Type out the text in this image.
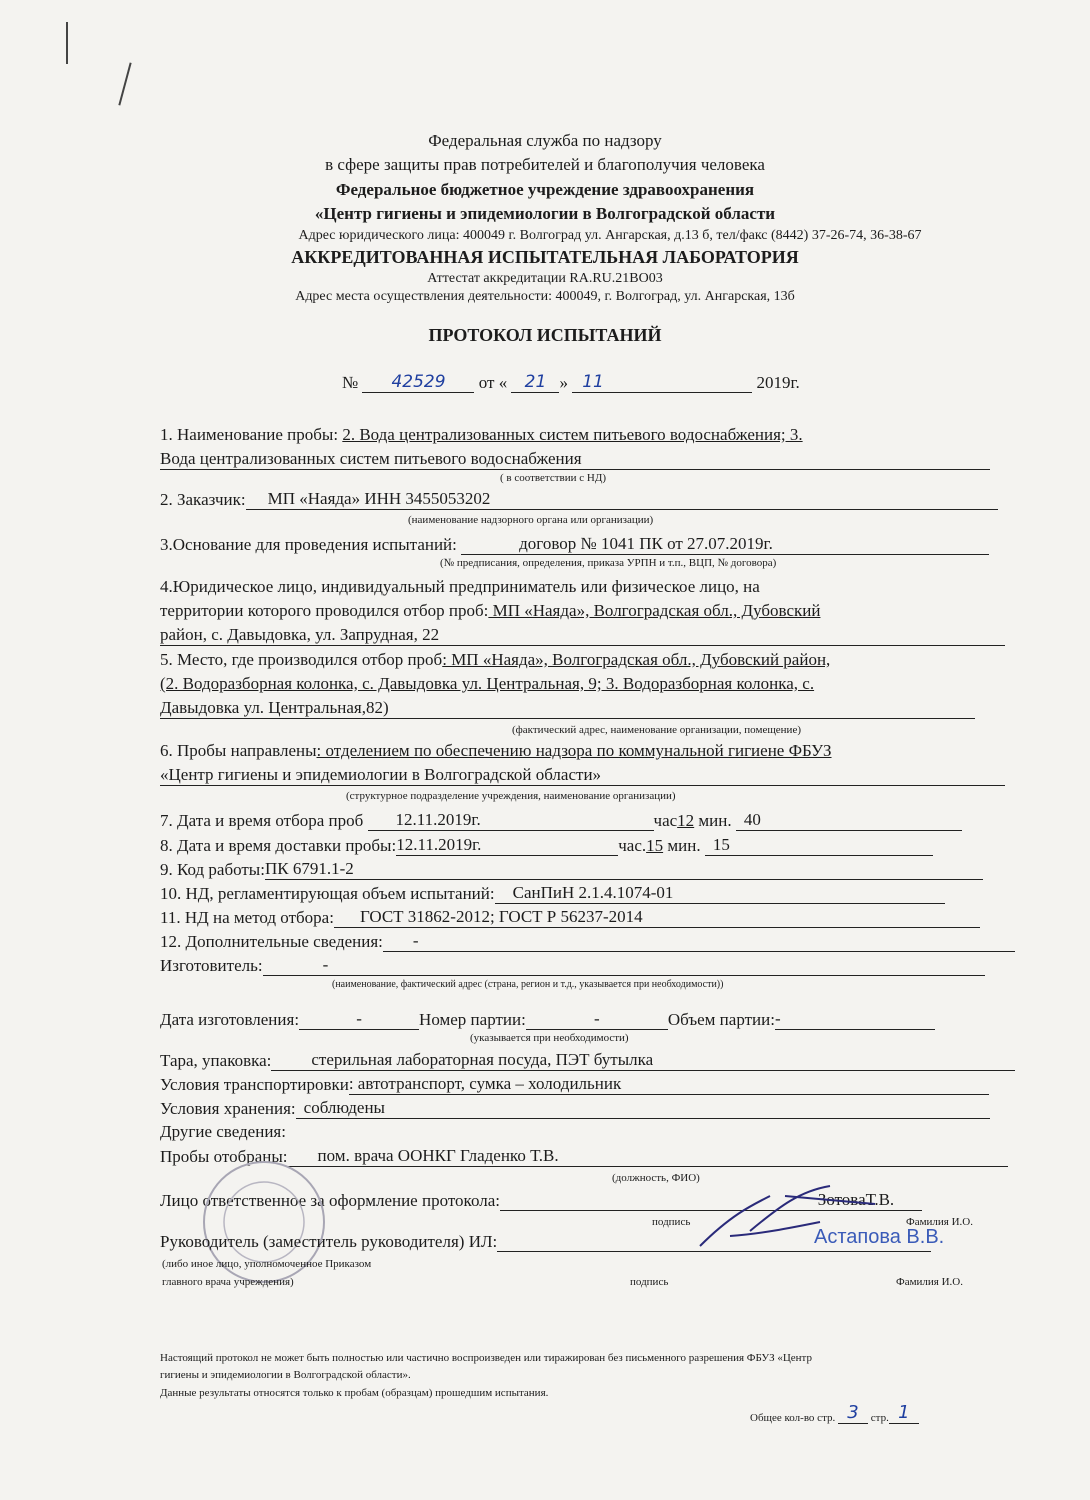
Федеральная служба по надзору
в сфере защиты прав потребителей и благополучия человека
Федеральное бюджетное учреждение здравоохранения
«Центр гигиены и эпидемиологии в Волгоградской области
Адрес юридического лица: 400049 г. Волгоград ул. Ангарская, д.13 б, тел/факс (8442) 37-26-74, 36-38-67
АККРЕДИТОВАННАЯ ИСПЫТАТЕЛЬНАЯ ЛАБОРАТОРИЯ
Аттестат аккредитации RA.RU.21ВО03
Адрес места осуществления деятельности: 400049, г. Волгоград, ул. Ангарская, 13б
ПРОТОКОЛ ИСПЫТАНИЙ
№ 42529 от « 21 » 11	2019г.
1. Наименование пробы: 2. Вода централизованных систем питьевого водоснабжения; 3.
Вода централизованных систем питьевого водоснабжения
( в соответствии с НД)
2. Заказчик: МП «Наяда» ИНН 3455053202
(наименование надзорного органа или организации)
3.Основание для проведения испытаний:	договор № 1041 ПК от 27.07.2019г.
(№ предписания, определения, приказа УРПН и т.п., ВЦП, № договора)
4.Юридическое лицо, индивидуальный предприниматель или физическое лицо, на
территории которого проводился отбор проб: МП «Наяда», Волгоградская обл., Дубовский
район, с. Давыдовка, ул. Запрудная, 22
5. Место, где производился отбор проб: МП «Наяда», Волгоградская обл., Дубовский район,
(2. Водоразборная колонка, с. Давыдовка ул. Центральная, 9; 3. Водоразборная колонка, с.
Давыдовка ул. Центральная,82)
(фактический адрес, наименование организации, помещение)
6. Пробы направлены: отделением по обеспечению надзора по коммунальной гигиене ФБУЗ
«Центр гигиены и эпидемиологии в Волгоградской области»
(структурное подразделение учреждения, наименование организации)
7. Дата и время отбора проб 12.11.2019г.	час12 мин. 40
8. Дата и время доставки пробы:12.11.2019г.	час.15 мин. 15
9. Код работы:ПК 6791.1-2
10. НД, регламентирующая объем испытаний: СанПиН 2.1.4.1074-01
11. НД на метод отбора: ГОСТ 31862-2012; ГОСТ Р 56237-2014
12. Дополнительные сведения: -
Изготовитель:	-
(наименование, фактический адрес (страна, регион и т.д., указывается при необходимости))
Дата изготовления:	-	Номер партии:	-	Объем партии:-
(указывается при необходимости)
Тара, упаковка: стерильная лабораторная посуда, ПЭТ бутылка
Условия транспортировки: автотранспорт, сумка – холодильник
Условия хранения: соблюдены
Другие сведения:
Пробы отобраны: пом. врача ООНКГ Гладенко Т.В.
(должность, ФИО)
Лицо ответственное за оформление протокола:	ЗотоваТ.В.
подпись	Фамилия И.О.
Руководитель (заместитель руководителя) ИЛ:	Астапова В.В.
(либо иное лицо, уполномоченное Приказом
главного врача учреждения)	подпись	Фамилия И.О.
Настоящий протокол не может быть полностью или частично воспроизведен или тиражирован без письменного разрешения ФБУЗ «Центр
гигиены и эпидемиологии в Волгоградской области».
Данные результаты относятся только к пробам (образцам) прошедшим испытания.
Общее кол-во стр. 3 стр. 1
